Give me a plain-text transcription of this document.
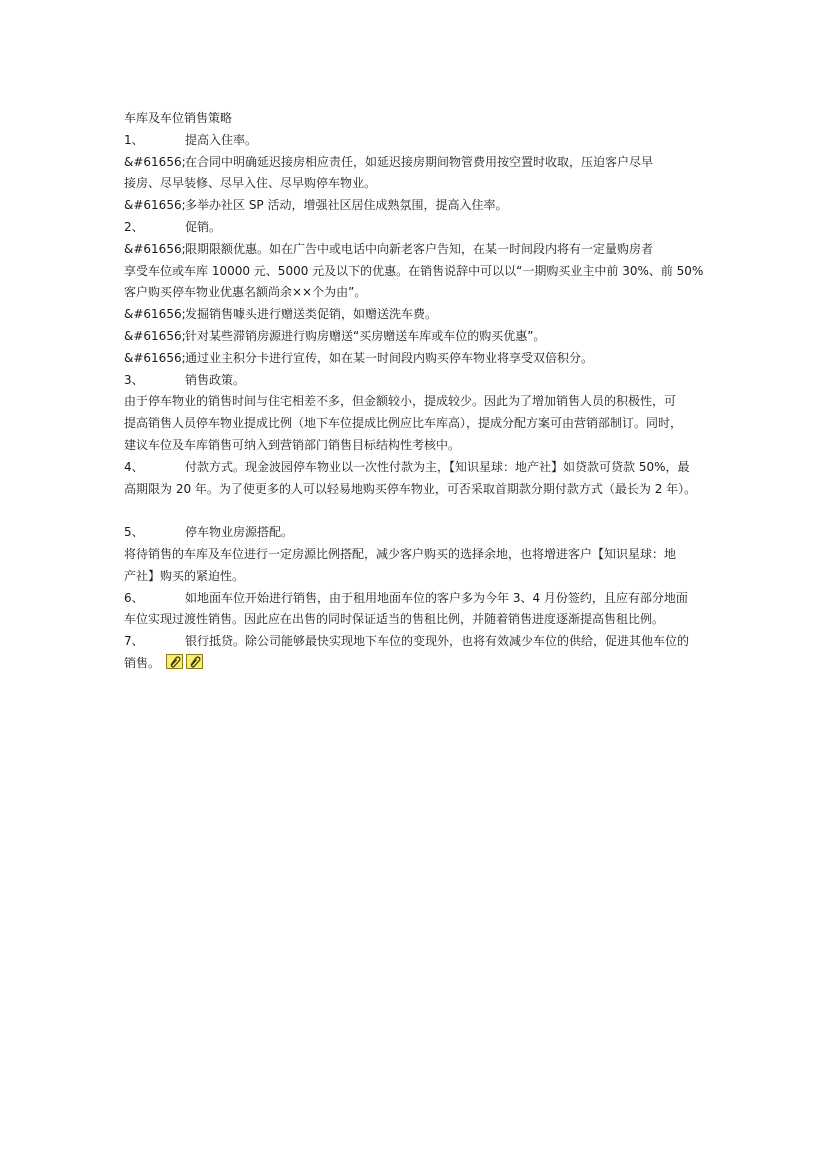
车库及车位销售策略
1、	提高入住率。
&#61656;在合同中明确延迟接房相应责任，如延迟接房期间物管费用按空置时收取，压迫客户尽早
接房、尽早装修、尽早入住、尽早购停车物业。
&#61656;多举办社区 SP 活动，增强社区居住成熟氛围，提高入住率。
2、	促销。
&#61656;限期限额优惠。如在广告中或电话中向新老客户告知，在某一时间段内将有一定量购房者
享受车位或车库 10000 元、5000 元及以下的优惠。在销售说辞中可以以“一期购买业主中前 30%、前 50%
客户购买停车物业优惠名额尚余××个为由”。
&#61656;发掘销售噱头进行赠送类促销，如赠送洗车费。
&#61656;针对某些滞销房源进行购房赠送“买房赠送车库或车位的购买优惠”。
&#61656;通过业主积分卡进行宣传，如在某一时间段内购买停车物业将享受双倍积分。
3、	销售政策。
由于停车物业的销售时间与住宅相差不多，但金额较小，提成较少。因此为了增加销售人员的积极性，可
提高销售人员停车物业提成比例（地下车位提成比例应比车库高），提成分配方案可由营销部制订。同时，
建议车位及车库销售可纳入到营销部门销售目标结构性考核中。
4、	付款方式。现金波园停车物业以一次性付款为主，【知识星球：地产社】如贷款可贷款 50%，最
高期限为 20 年。为了使更多的人可以轻易地购买停车物业，可否采取首期款分期付款方式（最长为 2 年）。
5、	停车物业房源搭配。
将待销售的车库及车位进行一定房源比例搭配，减少客户购买的选择余地，也将增进客户【知识星球：地
产社】购买的紧迫性。
6、	如地面车位开始进行销售，由于租用地面车位的客户多为今年 3、4 月份签约，且应有部分地面
车位实现过渡性销售。因此应在出售的同时保证适当的售租比例，并随着销售进度逐渐提高售租比例。
7、	银行抵贷。除公司能够最快实现地下车位的变现外，也将有效减少车位的供给，促进其他车位的
销售。
